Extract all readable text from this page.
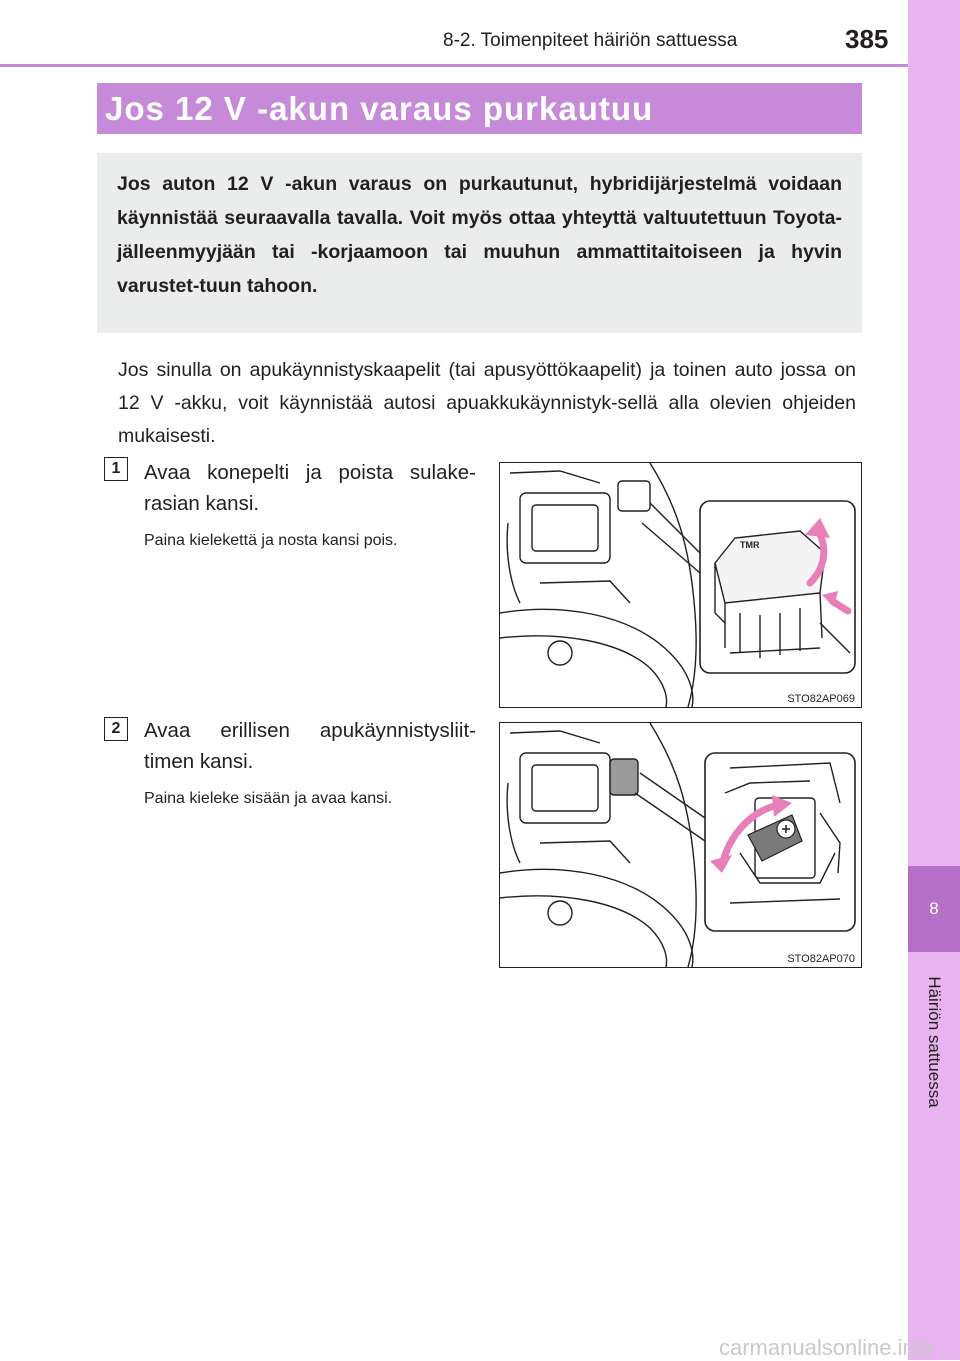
8-2. Toimenpiteet häiriön sattuessa	385
8
Häiriön sattuessa
Jos 12 V -akun varaus purkautuu
Jos auton 12 V -akun varaus on purkautunut, hybridijärjestelmä voidaan käynnistää seuraavalla tavalla. Voit myös ottaa yhteyttä valtuutettuun Toyota-jälleenmyyjään tai -korjaamoon tai muuhun ammattitaitoiseen ja hyvin varustet-tuun tahoon.
Jos sinulla on apukäynnistyskaapelit (tai apusyöttökaapelit) ja toinen auto jossa on 12 V -akku, voit käynnistää autosi apuakkukäynnistyk-sellä alla olevien ohjeiden mukaisesti.
1	Avaa konepelti ja poista sulake-rasian kansi.
Paina kielekettä ja nosta kansi pois.	TMR
STO82AP069
2	Avaa erillisen apukäynnistysliit-timen kansi.
Paina kieleke sisään ja avaa kansi.
STO82AP070
carmanualsonline.info
